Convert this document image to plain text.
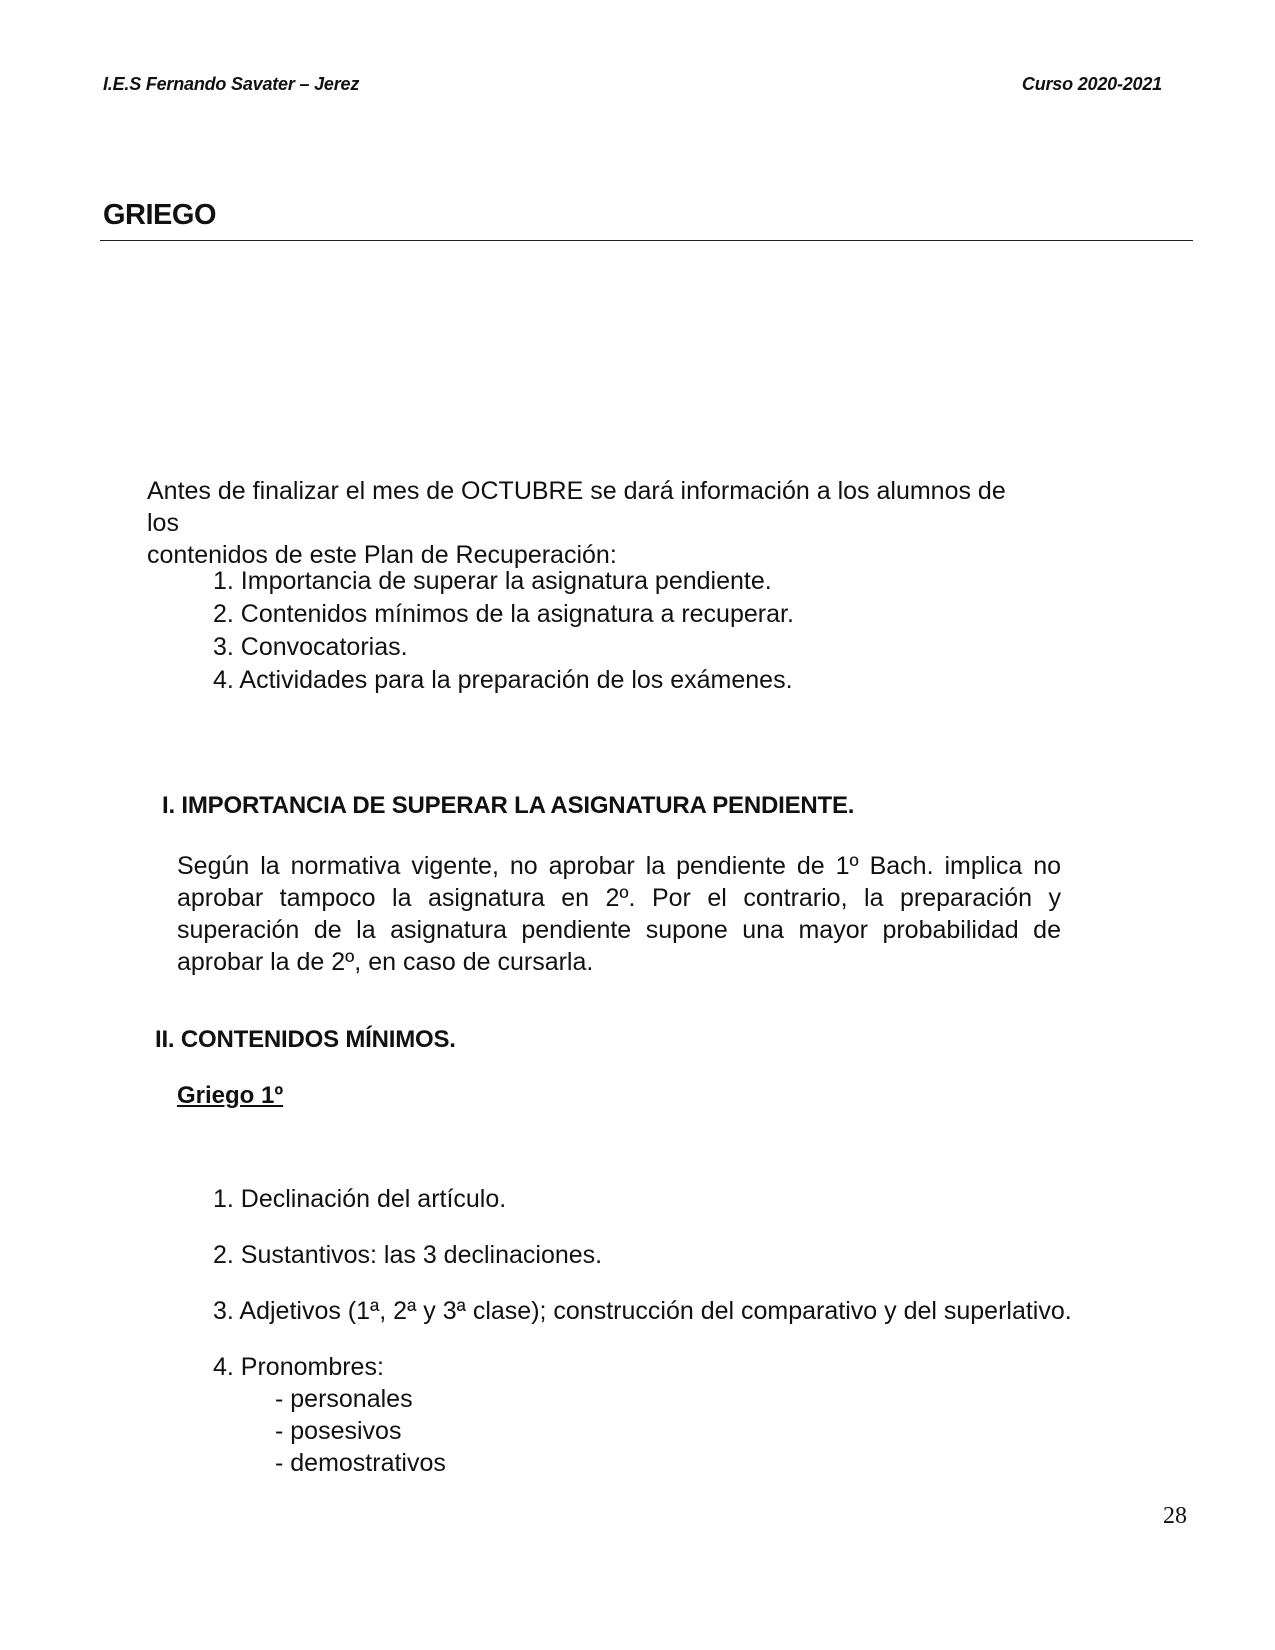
I.E.S Fernando Savater – Jerez	Curso 2020-2021
GRIEGO
Antes de finalizar el mes de OCTUBRE se dará información a los alumnos de los
contenidos de este Plan de Recuperación:
1. Importancia de superar la asignatura pendiente.
2. Contenidos mínimos de la asignatura a recuperar.
3. Convocatorias.
4. Actividades para la preparación de los exámenes.
I. IMPORTANCIA DE SUPERAR LA ASIGNATURA PENDIENTE.
Según la normativa vigente, no aprobar la pendiente de 1º Bach. implica no aprobar tampoco la asignatura en 2º. Por el contrario, la preparación y superación de la asignatura pendiente supone una mayor probabilidad de aprobar la de 2º, en caso de cursarla.
II. CONTENIDOS MÍNIMOS.
Griego 1º
1. Declinación del artículo.
2. Sustantivos: las 3 declinaciones.
3. Adjetivos (1ª, 2ª y 3ª clase); construcción del comparativo y del superlativo.
4. Pronombres:
- personales
- posesivos
- demostrativos
28
